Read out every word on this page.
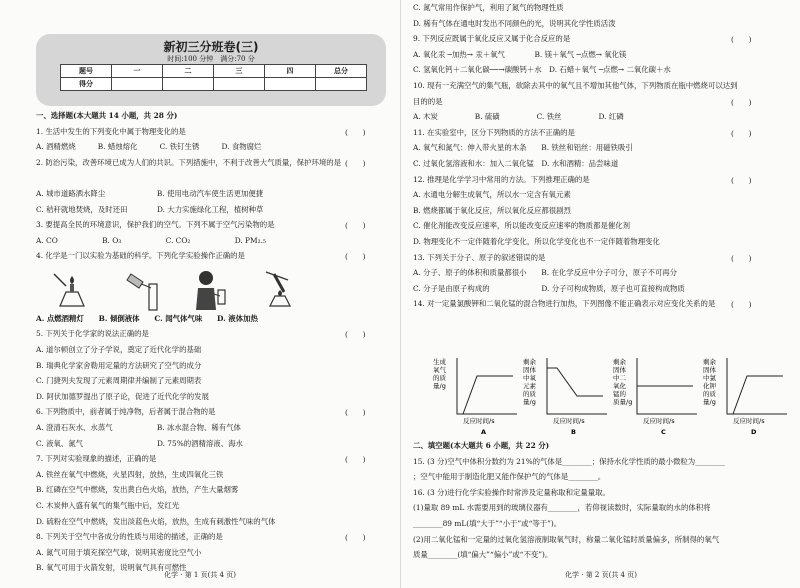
新初三分班卷(三)
时间:100 分钟　满分:70 分
题号	一	二	三	四	总分
得分					
一、选择题(本大题共 14 小题，共 28 分)
1. 生活中发生的下列变化中属于物理变化的是	(　　)
A. 酒精燃烧　　　B. 蜡烛熔化　　　C. 铁钉生锈　　　D. 食物腐烂
2. 防治污染，改善环境已成为人们的共识。下列措施中，不利于改善大气质量，保护环境的是 (　　)
A. 城市道路洒水降尘　　　　　　　B. 使用电动汽车使生活更加便捷
C. 秸秆就地焚烧，及时还田　　　　D. 大力实施绿化工程，植树种草
3. 要提高全民的环境意识，保护我们的空气。下列不属于空气污染物的是	(　　)
A. CO　　　　　　B. O₃　　　　　　C. CO₂　　　　　　D. PM₂.₅
4. 化学是一门以实验为基础的科学。下列化学实验操作正确的是	(　　)
A. 点燃酒精灯　　B. 倾倒液体　　C. 闻气体气味　　D. 液体加热
5. 下列关于化学家的说法正确的是	(　　)
A. 道尔顿创立了分子学说，奠定了近代化学的基础
B. 瑞典化学家舍勒用定量的方法研究了空气的成分
C. 门捷列夫发现了元素周期律并编制了元素周期表
D. 阿伏加德罗提出了原子论，促进了近代化学的发展
6. 下列物质中，前者属于纯净物，后者属于混合物的是	(　　)
A. 澄清石灰水、水蒸气　　　　　　B. 冰水混合物、稀有气体
C. 液氧、氮气　　　　　　　　　　D. 75%的酒精溶液、海水
7. 下列对实验现象的描述，正确的是	(　　)
A. 铁丝在氧气中燃烧，火星四射，放热，生成四氧化三铁
B. 红磷在空气中燃烧，发出黄白色火焰，放热，产生大量烟雾
C. 木炭伸入盛有氧气的集气瓶中后，发红光
D. 硫粉在空气中燃烧，发出淡蓝色火焰，放热，生成有刺激性气味的气体
8. 下列关于空气中各成分的性质与用途的描述，正确的是	(　　)
A. 氮气可用于填充探空气球，说明其密度比空气小
B. 氧气可用于火箭发射，说明氧气具有可燃性
化学 · 第 1 页(共 4 页)
C. 氮气常用作保护气，利用了氮气的物理性质
D. 稀有气体在通电时发出不同颜色的光，说明其化学性质活泼
9. 下列反应既属于氧化反应又属于化合反应的是	(　　)
A. 氧化汞 ─加热→ 汞＋氧气　　　　B. 镁＋氧气 ─点燃→ 氧化镁
C. 氢氧化钙＋二氧化碳──→碳酸钙＋水　D. 石蜡＋氧气 ─点燃→ 二氧化碳＋水
10. 现有一充满空气的集气瓶，欲除去其中的氧气且不增加其他气体，下列物质在瓶中燃烧可以达到
目的的是	(　　)
A. 木炭　　　　　B. 硫磺　　　　　C. 铁丝　　　　　D. 红磷
11. 在实验室中，区分下列物质的方法不正确的是	(　　)
A. 氧气和氮气：伸入带火星的木条　　B. 铁丝和铝丝：用磁铁吸引
C. 过氧化氢溶液和水：加入二氧化锰　D. 水和酒精：品尝味道
12. 推理是化学学习中常用的方法。下列推理正确的是	(　　)
A. 水通电分解生成氧气，所以水一定含有氧元素
B. 燃烧都属于氧化反应，所以氧化反应都很剧烈
C. 催化剂能改变反应速率，所以能改变反应速率的物质都是催化剂
D. 物理变化不一定伴随着化学变化，所以化学变化也不一定伴随着物理变化
13. 下列关于分子、原子的叙述错误的是	(　　)
A. 分子、原子的体积和质量都很小　　B. 在化学反应中分子可分，原子不可再分
C. 分子是由原子构成的　　　　　　　D. 分子可构成物质，原子也可直接构成物质
14. 对一定量氯酸钾和二氧化锰的混合物进行加热，下列图像不能正确表示对应变化关系的是 (　　)
生成
氧气
的质
量/g
反应时间/s
A
剩余
固体
中氧
元素
的质
量/g
反应时间/s
B
剩余
固体
中二
氧化
锰的
质量/g
反应时间/s
C
剩余
固体
中氯
化钾
的质
量/g
反应时间/s
D
二、填空题(本大题共 6 小题，共 22 分)
15. (3 分)空气中体积分数约为 21%的气体是________；保持水化学性质的最小微粒为________
；空气中能用于制造化肥又能作保护气的气体是________。
16. (3 分)进行化学实验操作时常涉及定量称取和定量量取。
(1)量取 89 mL 水需要用到的玻璃仪器有________，若仰视读数时，实际量取的水的体积将
________89 mL(填“大于”“小于”或“等于”)。
(2)用二氧化锰和一定量的过氧化氢溶液制取氧气时，称量二氧化锰时质量偏多，所制得的氧气
质量________(填“偏大”“偏小”或“不变”)。
化学 · 第 2 页(共 4 页)
